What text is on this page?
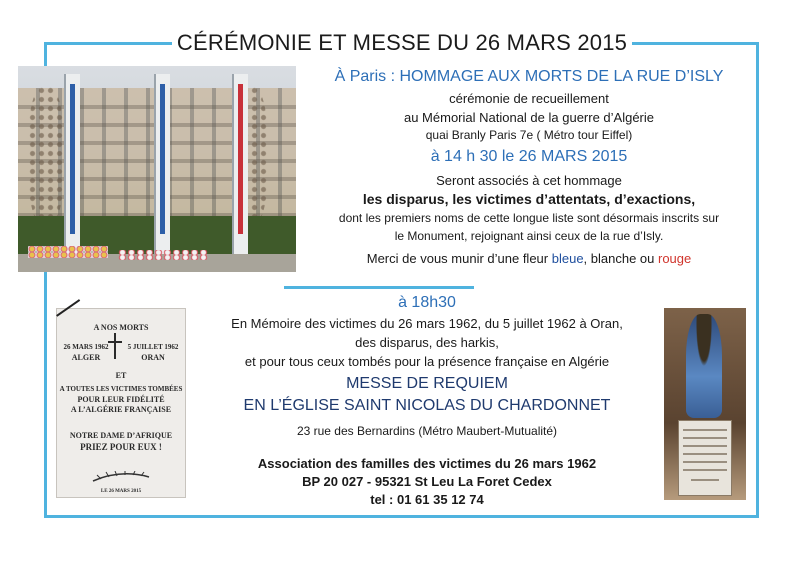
CÉRÉMONIE ET MESSE DU 26 MARS 2015
À Paris : HOMMAGE AUX MORTS DE LA RUE D’ISLY
cérémonie de recueillement
au Mémorial National de la guerre d’Algérie
quai Branly Paris 7e ( Métro tour Eiffel)
à 14 h 30 le 26 MARS 2015
Seront associés à cet hommage
les disparus, les victimes d’attentats, d’exactions,
dont les premiers noms de cette longue liste sont désormais inscrits sur
le Monument, rejoignant ainsi ceux de la rue d’Isly.
Merci de vous munir d’une fleur bleue, blanche ou rouge
A NOS MORTS
26 MARS 1962	5 JUILLET 1962
ALGER	ORAN
ET
A TOUTES LES VICTIMES TOMBÉES
POUR LEUR FIDÉLITÉ
A L’ALGÉRIE FRANÇAISE
NOTRE DAME D’AFRIQUE
PRIEZ POUR EUX !
LE 26 MARS 2015
à 18h30
En Mémoire des victimes du 26 mars 1962, du 5 juillet 1962 à Oran,
des disparus, des harkis,
et pour tous ceux tombés pour la présence française en Algérie
MESSE DE REQUIEM
EN L’ÉGLISE SAINT NICOLAS DU CHARDONNET
23 rue des Bernardins (Métro Maubert-Mutualité)
Association des familles des victimes du 26 mars 1962
BP 20 027 - 95321 St Leu La Foret Cedex
tel : 01 61 35 12 74
